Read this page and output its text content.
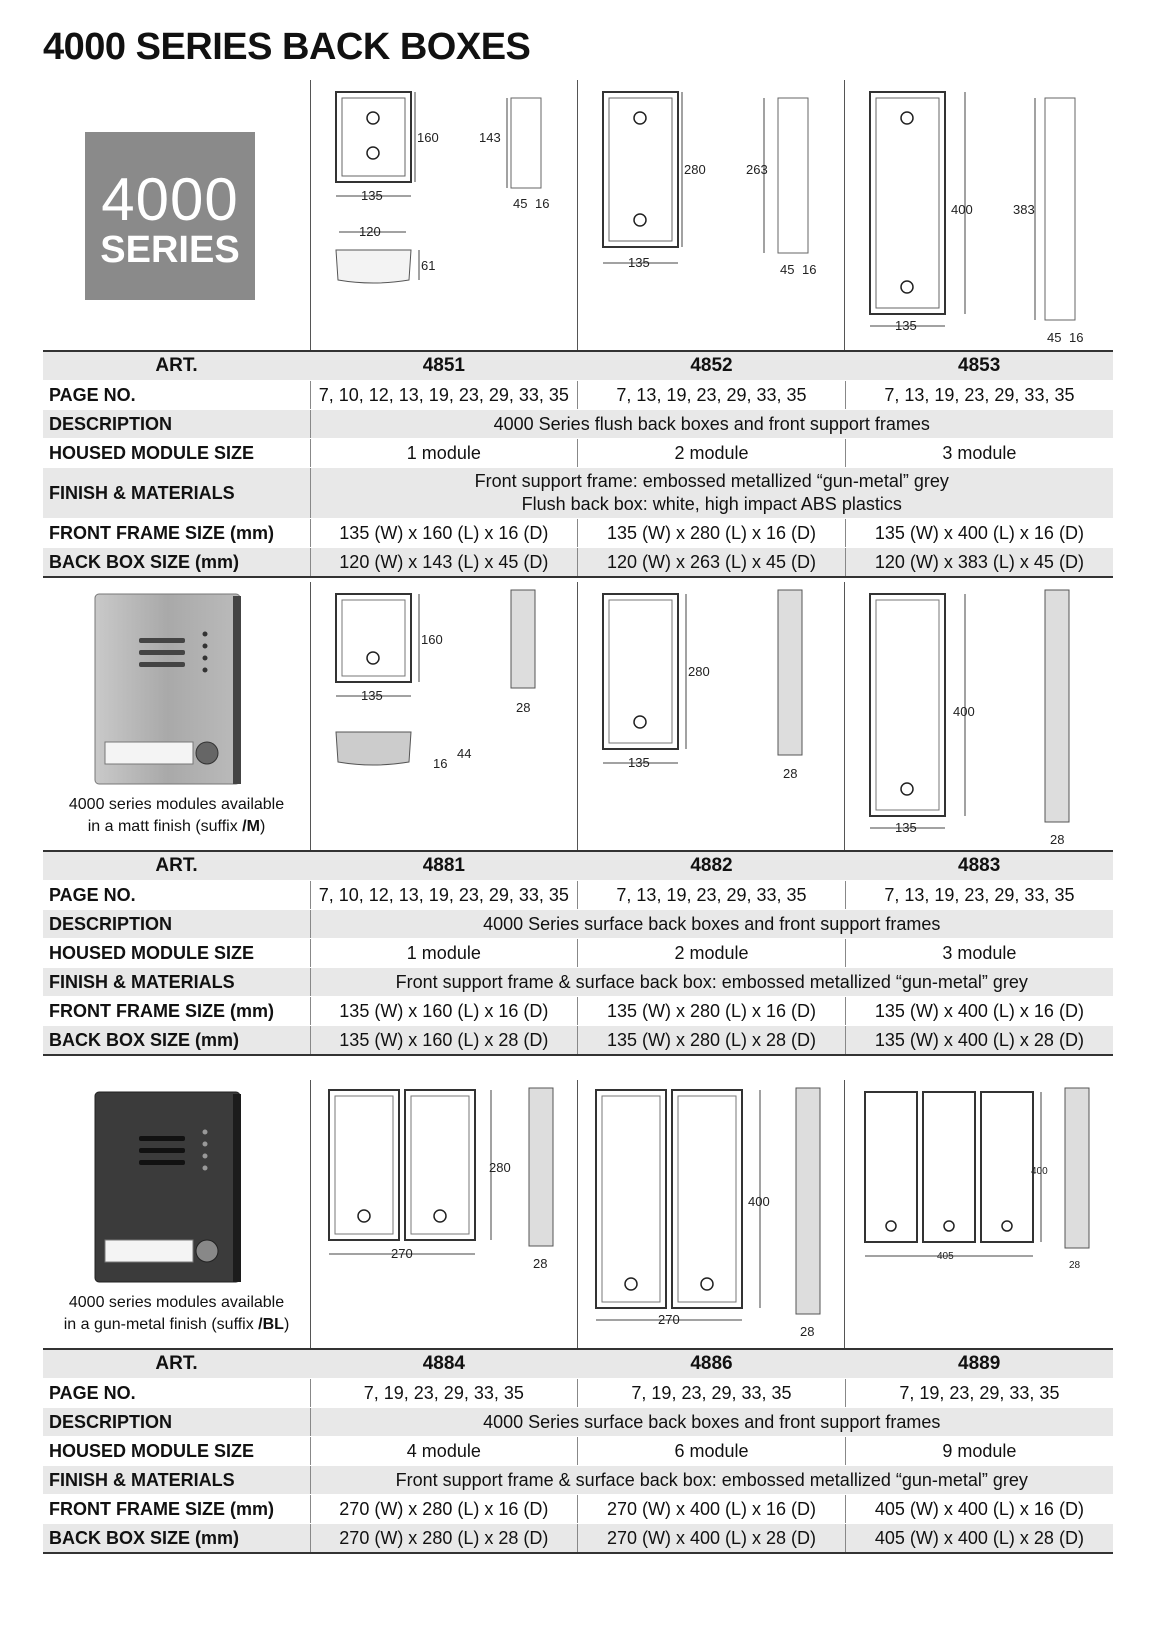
4000 SERIES BACK BOXES
4000
SERIES
160
135
143
45 16
120
61
280
135
263
45 16
400
135
383
45 16
ART.	4851	4852	4853
PAGE NO.	7, 10, 12, 13, 19, 23, 29, 33, 35	7, 13, 19, 23, 29, 33, 35	7, 13, 19, 23, 29, 33, 35
DESCRIPTION	4000 Series flush back boxes and front support frames		
HOUSED MODULE SIZE	1 module	2 module	3 module
FINISH & MATERIALS	Front support frame: embossed metallized “gun-metal” grey
Flush back box: white, high impact ABS plastics		
FRONT FRAME SIZE (mm)	135 (W) x 160 (L) x 16 (D)	135 (W) x 280 (L) x 16 (D)	135 (W) x 400 (L) x 16 (D)
BACK BOX SIZE (mm)	120 (W) x 143 (L) x 45 (D)	120 (W) x 263 (L) x 45 (D)	120 (W) x 383 (L) x 45 (D)
4000 series modules available
in a matt finish (suffix /M)
160
135
28
16
44
280
135
28
400
135
28
ART.	4881	4882	4883
PAGE NO.	7, 10, 12, 13, 19, 23, 29, 33, 35	7, 13, 19, 23, 29, 33, 35	7, 13, 19, 23, 29, 33, 35
DESCRIPTION	4000 Series surface back boxes and front support frames		
HOUSED MODULE SIZE	1 module	2 module	3 module
FINISH & MATERIALS	Front support frame & surface back box: embossed metallized “gun-metal” grey		
FRONT FRAME SIZE (mm)	135 (W) x 160 (L) x 16 (D)	135 (W) x 280 (L) x 16 (D)	135 (W) x 400 (L) x 16 (D)
BACK BOX SIZE (mm)	135 (W) x 160 (L) x 28 (D)	135 (W) x 280 (L) x 28 (D)	135 (W) x 400 (L) x 28 (D)
4000 series modules available
in a gun-metal finish (suffix /BL)
280
270
28
400
270
28
400
405
28
ART.	4884	4886	4889
PAGE NO.	7, 19, 23, 29, 33, 35	7, 19, 23, 29, 33, 35	7, 19, 23, 29, 33, 35
DESCRIPTION	4000 Series surface back boxes and front support frames		
HOUSED MODULE SIZE	4 module	6 module	9 module
FINISH & MATERIALS	Front support frame & surface back box: embossed metallized “gun-metal” grey		
FRONT FRAME SIZE (mm)	270 (W) x 280 (L) x 16 (D)	270 (W) x 400 (L) x 16 (D)	405 (W) x 400 (L) x 16 (D)
BACK BOX SIZE (mm)	270 (W) x 280 (L) x 28 (D)	270 (W) x 400 (L) x 28 (D)	405 (W) x 400 (L) x 28 (D)
